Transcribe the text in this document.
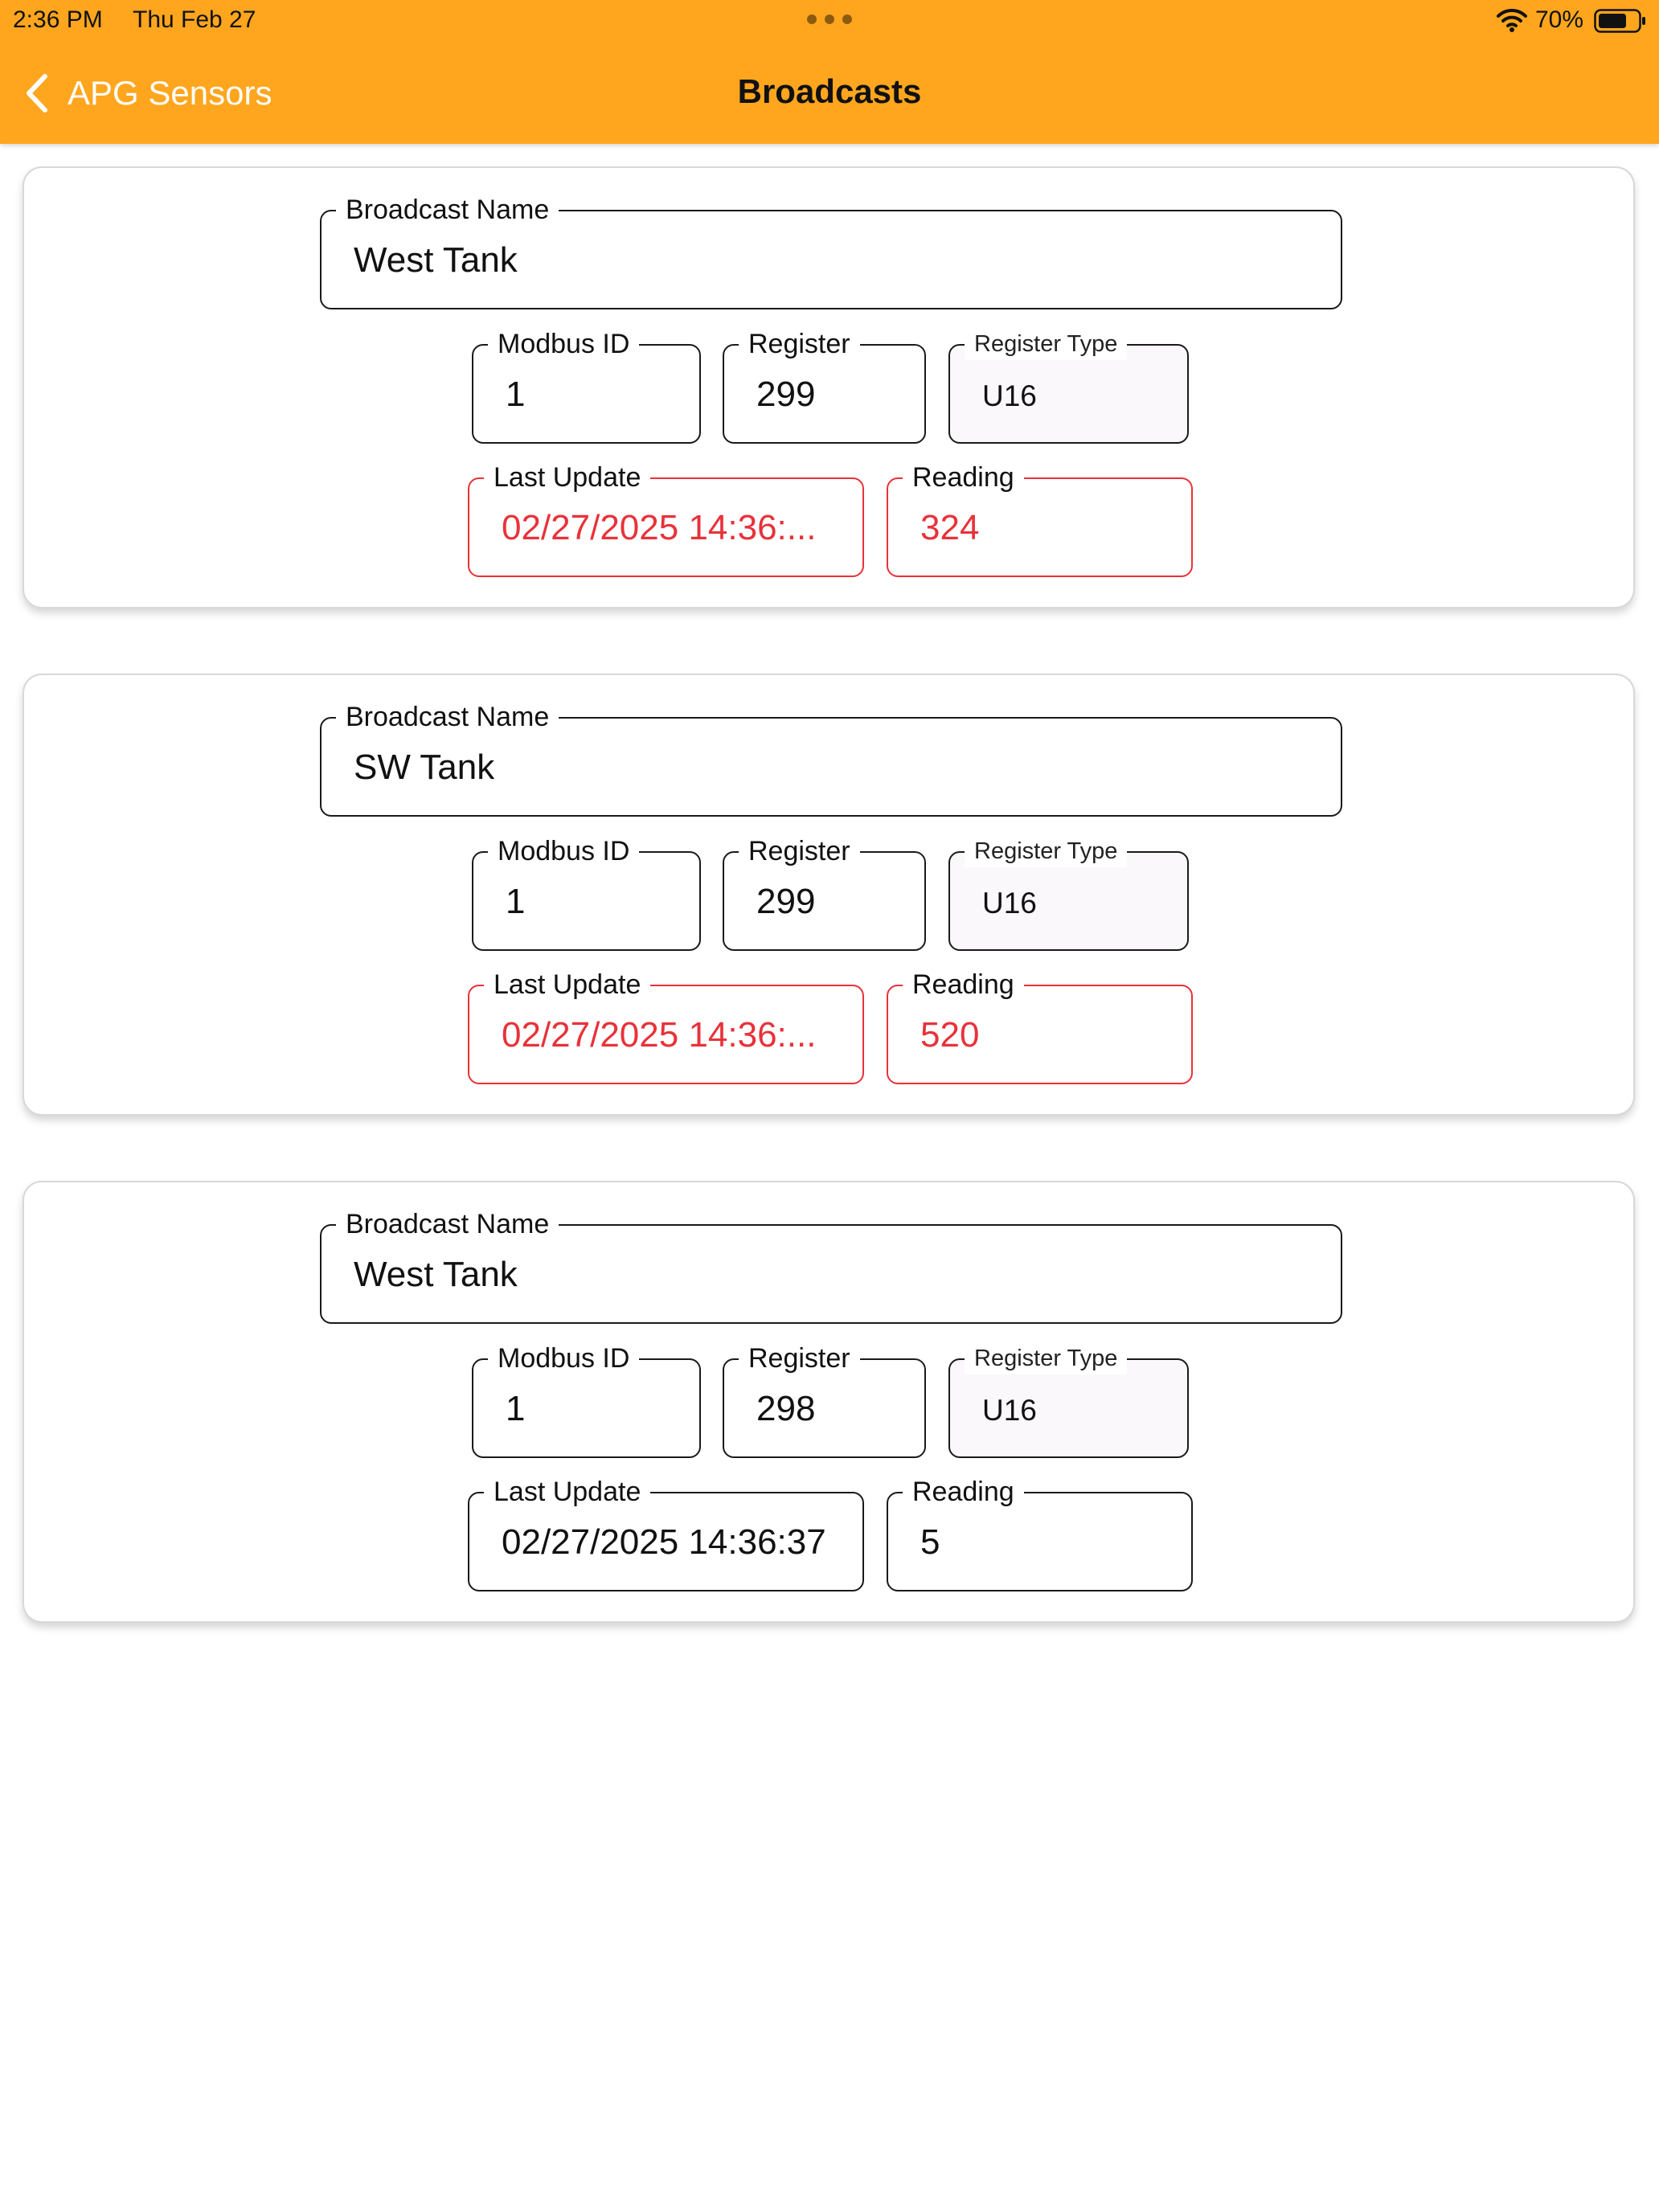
2:36 PM Thu Feb 27	70%
APG Sensors	Broadcasts
Broadcast Name
West Tank
Modbus ID
1
Register
299
Register Type
U16
Last Update
02/27/2025 14:36:...
Reading
324
Broadcast Name
SW Tank
Modbus ID
1
Register
299
Register Type
U16
Last Update
02/27/2025 14:36:...
Reading
520
Broadcast Name
West Tank
Modbus ID
1
Register
298
Register Type
U16
Last Update
02/27/2025 14:36:37
Reading
5
